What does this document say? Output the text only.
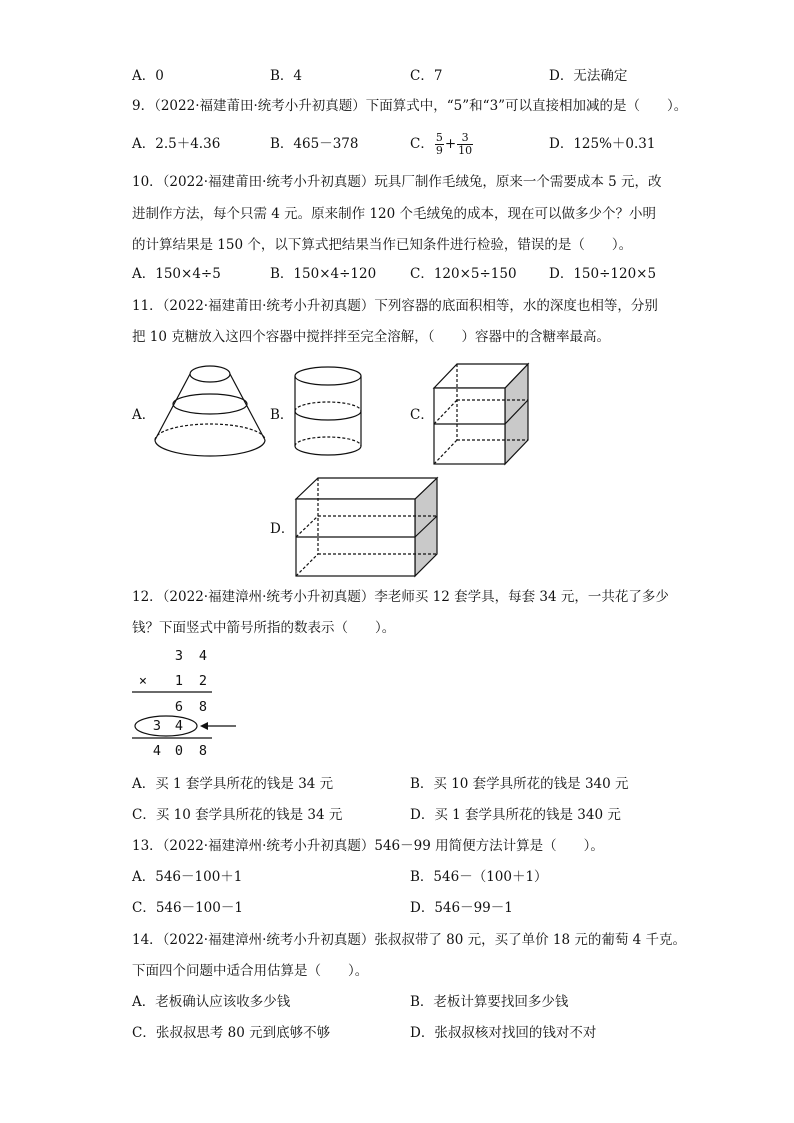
A．0	B．4	C．7	D．无法确定
9．（2022·福建莆田·统考小升初真题）下面算式中，“5”和“3”可以直接相加减的是（　　）。
A．2.5＋4.36	B．465－378	C． $\frac{5}{9} + \frac{3}{10}$	D．125%＋0.31
10．（2022·福建莆田·统考小升初真题）玩具厂制作毛绒兔，原来一个需要成本 5 元，改
进制作方法，每个只需 4 元。原来制作 120 个毛绒兔的成本，现在可以做多少个？小明
的计算结果是 150 个，以下算式把结果当作已知条件进行检验，错误的是（　　）。
A．150×4÷5	B．150×4÷120	C．120×5÷150 D．150÷120×5
11．（2022·福建莆田·统考小升初真题）下列容器的底面积相等，水的深度也相等，分别
把 10 克糖放入这四个容器中搅拌拌至完全溶解，（　　）容器中的含糖率最高。
A．	B．	C．
D．
12．（2022·福建漳州·统考小升初真题）李老师买 12 套学具，每套 34 元，一共花了多少
钱？下面竖式中箭号所指的数表示（　　）。
3 4
× 1 2
6 8
3 4
4 0 8
A．买 1 套学具所花的钱是 34 元	B．买 10 套学具所花的钱是 340 元
C．买 10 套学具所花的钱是 34 元	D．买 1 套学具所花的钱是 340 元
13．（2022·福建漳州·统考小升初真题）546－99 用简便方法计算是（　　）。
A．546－100＋1	B．546－（100＋1）
C．546－100－1	D．546－99－1
14．（2022·福建漳州·统考小升初真题）张叔叔带了 80 元，买了单价 18 元的葡萄 4 千克。
下面四个问题中适合用估算是（　　）。
A．老板确认应该收多少钱	B．老板计算要找回多少钱
C．张叔叔思考 80 元到底够不够	D．张叔叔核对找回的钱对不对
